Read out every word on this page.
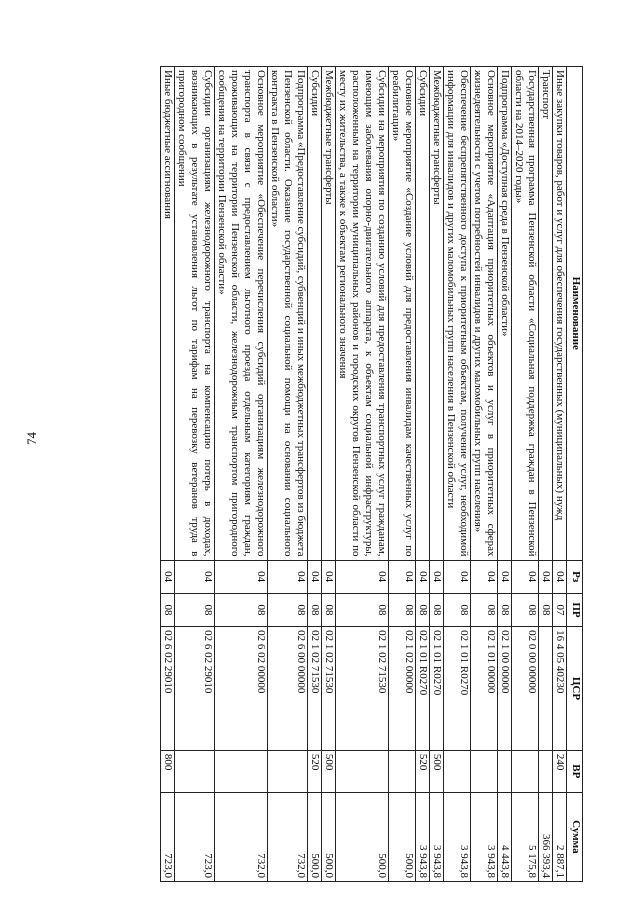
74
Наименование	Рз	ПР	ЦСР	ВР	Сумма
Иные закупки товаров, работ и услуг для обеспечения государственных (муниципальных) нужд	04	07	16 4 05 40230	240	2 887,1
Транспорт	04	08			366 393,4
Государственная программа Пензенской области «Социальная поддержка граждан в Пензенской области на 2014–2020 годы»	04	08	02 0 00 00000		5 175,8
Подпрограмма «Доступная среда в Пензенской области»	04	08	02 1 00 00000		4 443,8
Основное мероприятие «Адаптация приоритетных объектов и услуг в приоритетных сферах жизнедеятельности с учетом потребностей инвалидов и других маломобильных групп населения»	04	08	02 1 01 00000		3 943,8
Обеспечение беспрепятственного доступа к приоритетным объектам, получение услуг, необходимой информации для инвалидов и других маломобильных групп населения в Пензенской области	04	08	02 1 01 R0270		3 943,8
Межбюджетные трансферты	04	08	02 1 01 R0270	500	3 943,8
Субсидии	04	08	02 1 01 R0270	520	3 943,8
Основное мероприятие «Создание условий для предоставления инвалидам качественных услуг по реабилитации»	04	08	02 1 02 00000		500,0
Субсидии на мероприятия по созданию условий для предоставления транспортных услуг гражданам, имеющим заболевания опорно-двигательного аппарата, к объектам социальной инфраструктуры, расположенным на территории муниципальных районов и городских округов Пензенской области по месту их жительства, а также к объектам регионального значения	04	08	02 1 02 71530		500,0
Межбюджетные трансферты	04	08	02 1 02 71530	500	500,0
Субсидии	04	08	02 1 02 71530	520	500,0
Подпрограмма «Предоставление субсидий, субвенций и иных межбюджетных трансфертов из бюджета Пензенской области. Оказание государственной социальной помощи на основании социального контракта в Пензенской области»	04	08	02 6 00 00000		732,0
Основное мероприятие «Обеспечение перечисления субсидий организациям железнодорожного транспорта в связи с предоставлением льготного проезда отдельным категориям граждан, проживающих на территории Пензенской области, железнодорожным транспортом пригородного сообщения на территории Пензенской области»	04	08	02 6 02 00000		732,0
Субсидии организациям железнодорожного транспорта на компенсацию потерь в доходах, возникающих в результате установления льгот по тарифам на перевозку ветеранов труда в пригородном сообщении	04	08	02 6 02 29010		723,0
Иные бюджетные ассигнования	04	08	02 6 02 29010	800	723,0
